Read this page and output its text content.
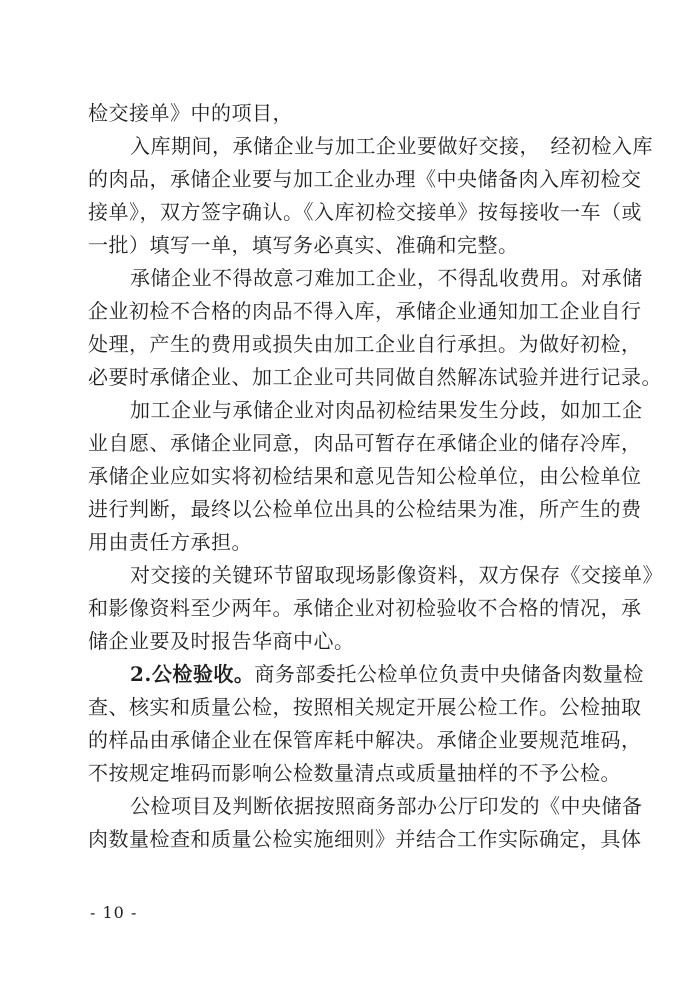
检交接单》中的项目，
入库期间，承储企业与加工企业要做好交接，　经初检入库
的肉品，承储企业要与加工企业办理《中央储备肉入库初检交
接单》，双方签字确认。《入库初检交接单》按每接收一车（或
一批）填写一单，填写务必真实、准确和完整。
承储企业不得故意刁难加工企业，不得乱收费用。对承储
企业初检不合格的肉品不得入库，承储企业通知加工企业自行
处理，产生的费用或损失由加工企业自行承担。为做好初检，
必要时承储企业、加工企业可共同做自然解冻试验并进行记录。
加工企业与承储企业对肉品初检结果发生分歧，如加工企
业自愿、承储企业同意，肉品可暂存在承储企业的储存冷库，
承储企业应如实将初检结果和意见告知公检单位，由公检单位
进行判断，最终以公检单位出具的公检结果为准，所产生的费
用由责任方承担。
对交接的关键环节留取现场影像资料，双方保存《交接单》
和影像资料至少两年。承储企业对初检验收不合格的情况，承
储企业要及时报告华商中心。
2.公检验收。商务部委托公检单位负责中央储备肉数量检
查、核实和质量公检，按照相关规定开展公检工作。公检抽取
的样品由承储企业在保管库耗中解决。承储企业要规范堆码，
不按规定堆码而影响公检数量清点或质量抽样的不予公检。
公检项目及判断依据按照商务部办公厅印发的《中央储备
肉数量检查和质量公检实施细则》并结合工作实际确定，具体
- 10 -
